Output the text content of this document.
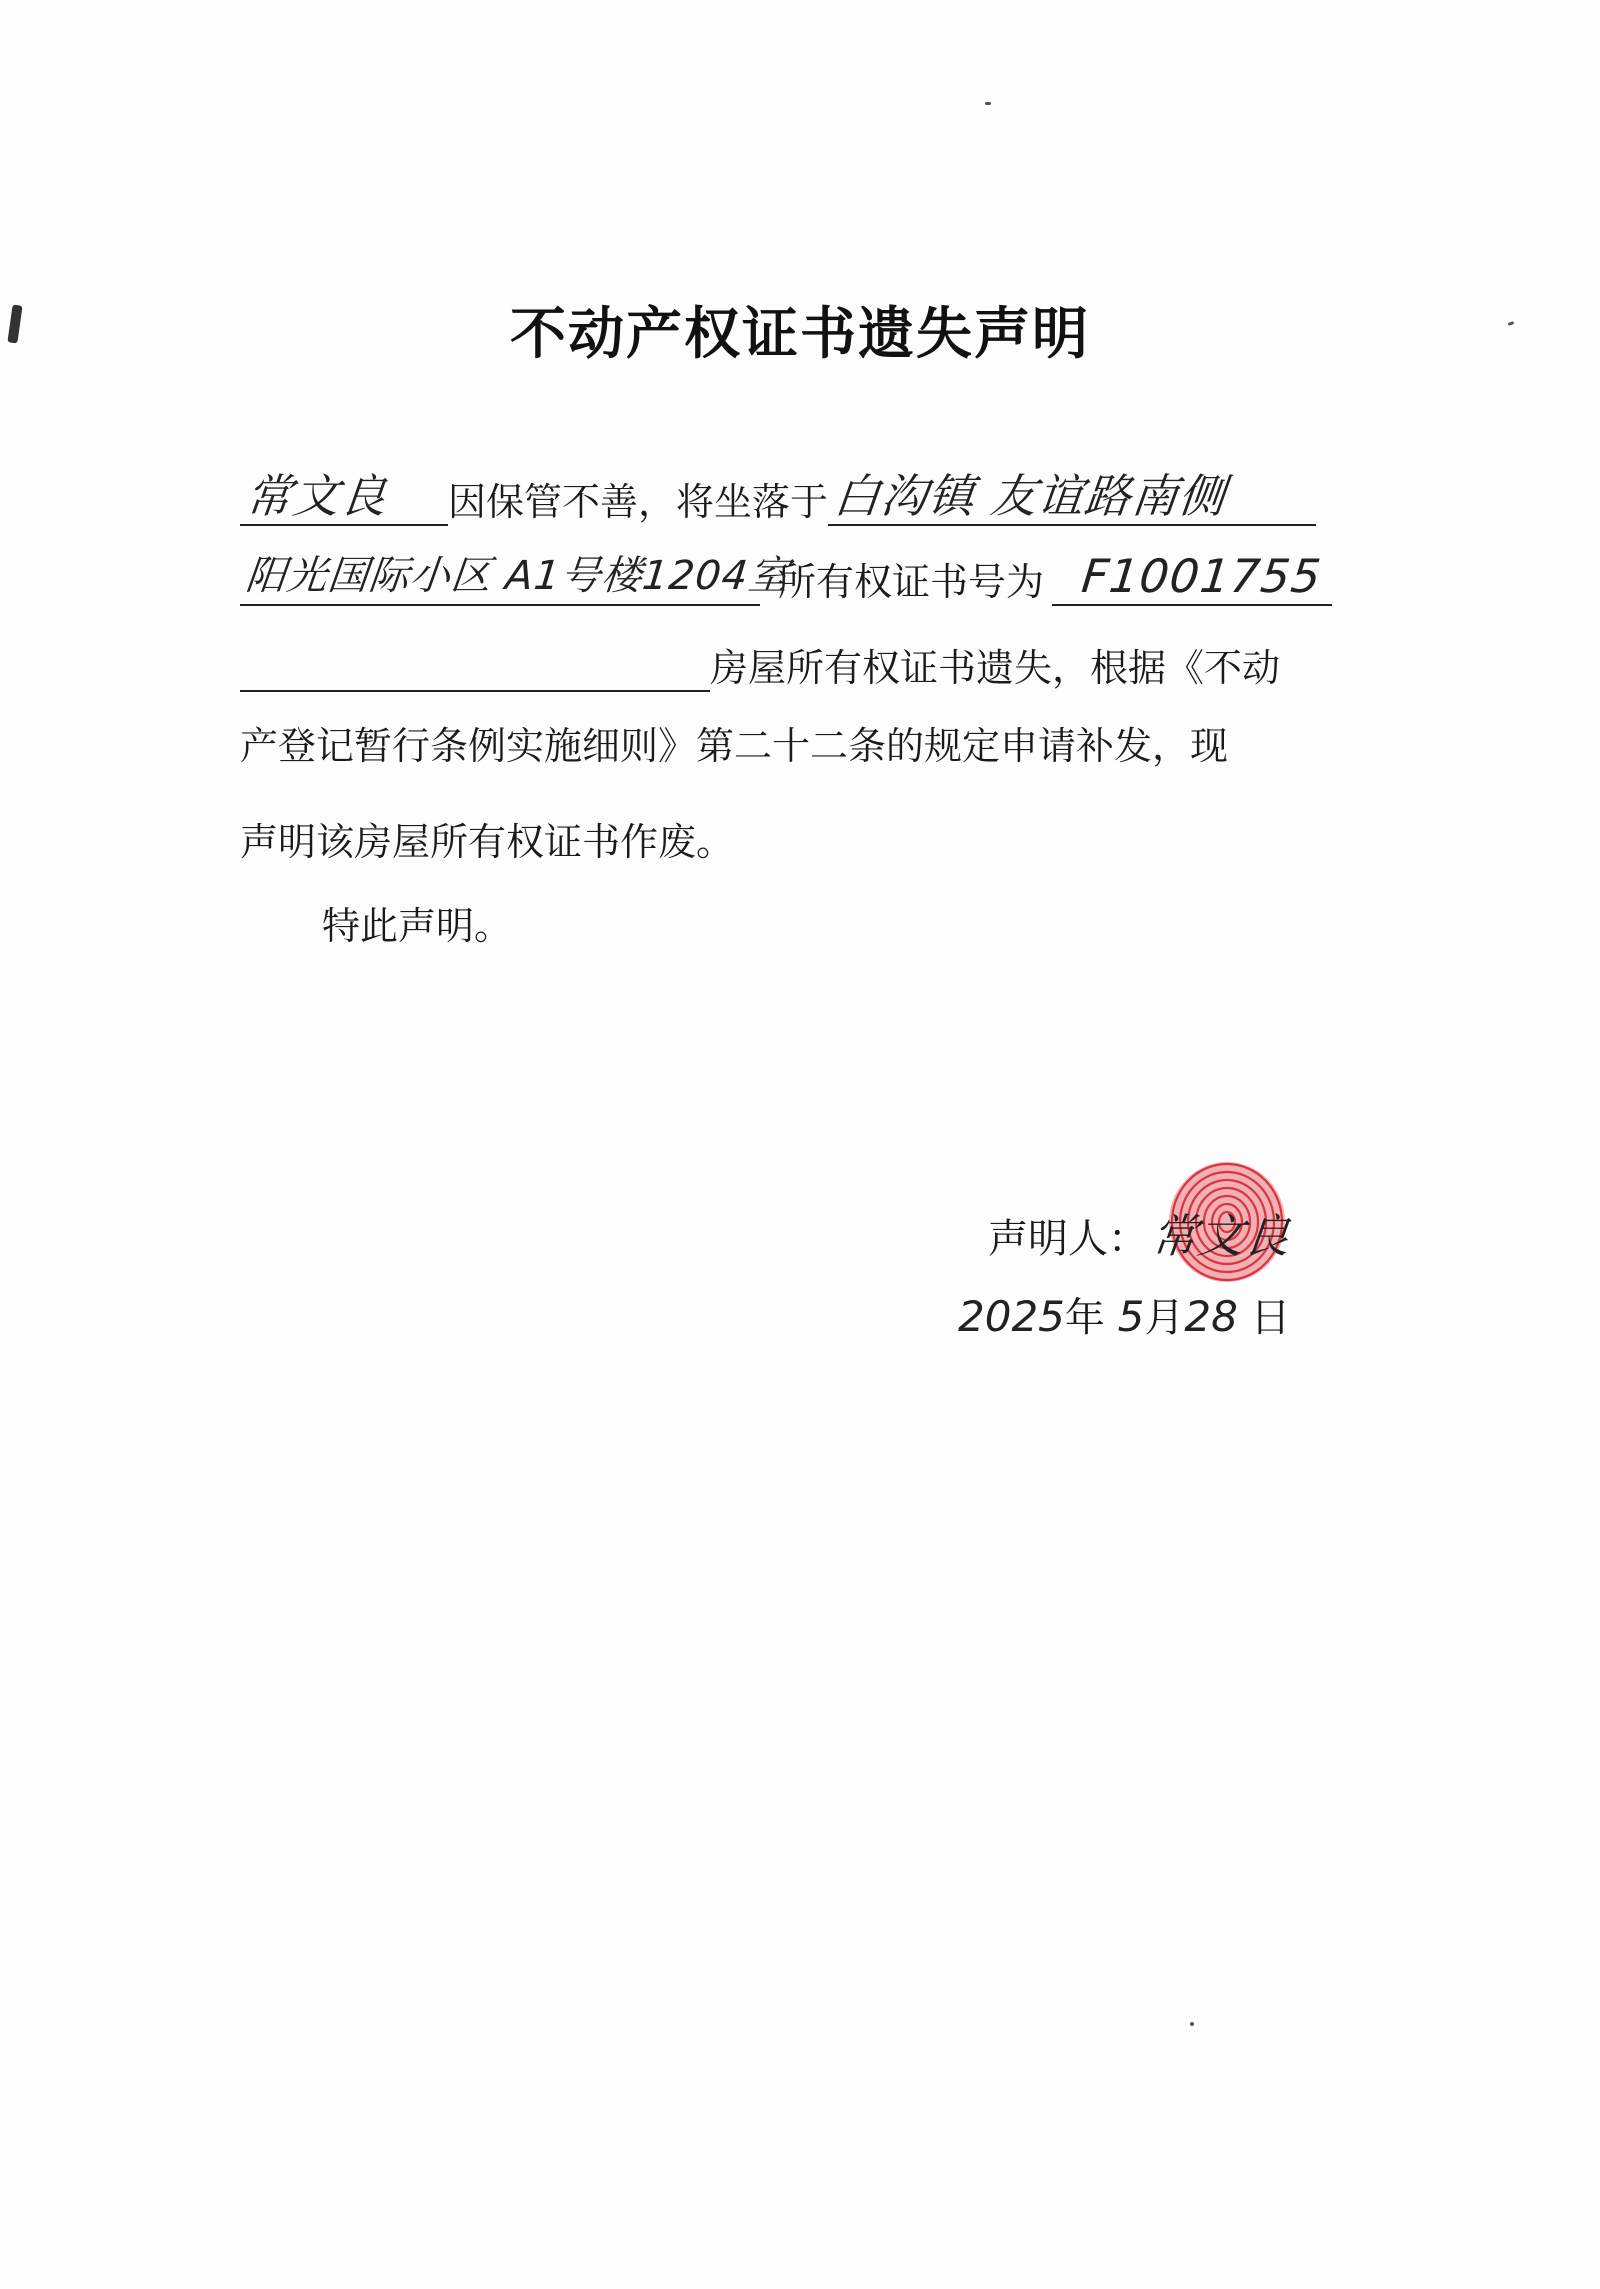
不动产权证书遗失声明
常文良 因保管不善，将坐落于 白沟镇 友谊路南侧
阳光国际小区 A1号楼1204室
所有权证书号为 F1001755
房屋所有权证书遗失，根据《不动
产登记暂行条例实施细则》第二十二条的规定申请补发，现
声明该房屋所有权证书作废。
特此声明。
声明人：常文良
2025年 5月28 日
